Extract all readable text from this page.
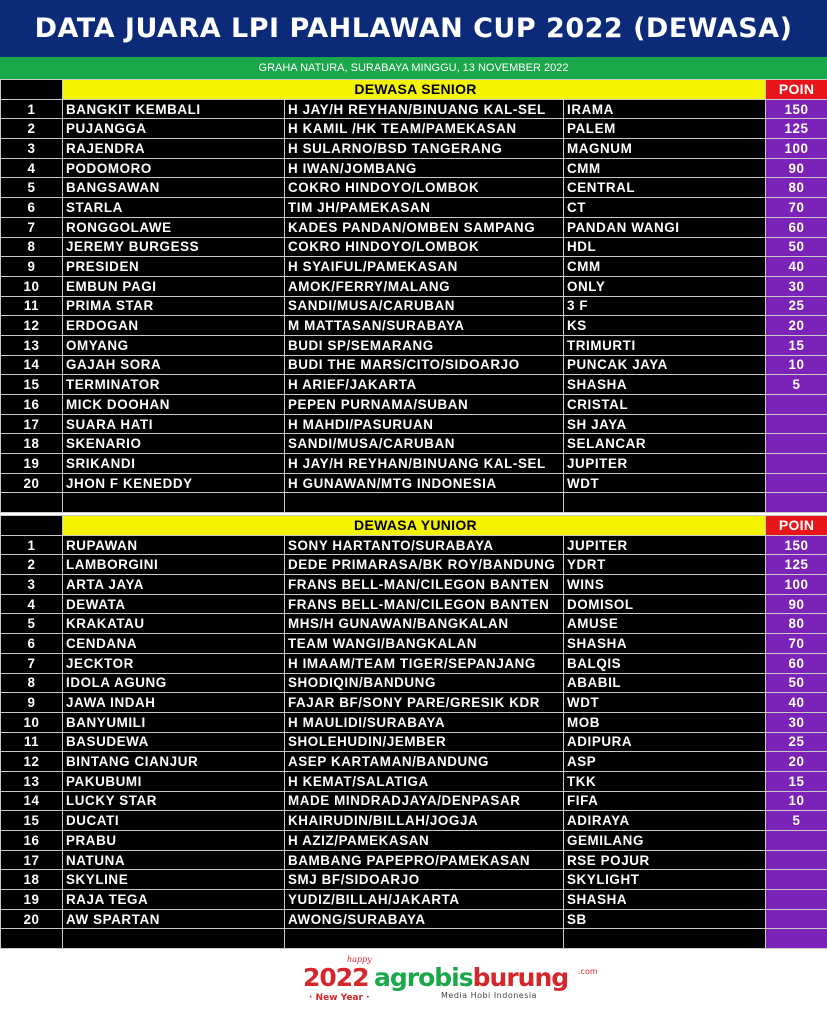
DATA JUARA LPI PAHLAWAN CUP 2022 (DEWASA)
GRAHA NATURA, SURABAYA MINGGU, 13 NOVEMBER 2022
	DEWASA SENIOR			POIN
1	BANGKIT KEMBALI	H JAY/H REYHAN/BINUANG KAL-SEL	IRAMA	150
2	PUJANGGA	H KAMIL /HK TEAM/PAMEKASAN	PALEM	125
3	RAJENDRA	H SULARNO/BSD TANGERANG	MAGNUM	100
4	PODOMORO	H IWAN/JOMBANG	CMM	90
5	BANGSAWAN	COKRO HINDOYO/LOMBOK	CENTRAL	80
6	STARLA	TIM JH/PAMEKASAN	CT	70
7	RONGGOLAWE	KADES PANDAN/OMBEN SAMPANG	PANDAN WANGI	60
8	JEREMY BURGESS	COKRO HINDOYO/LOMBOK	HDL	50
9	PRESIDEN	H SYAIFUL/PAMEKASAN	CMM	40
10	EMBUN PAGI	AMOK/FERRY/MALANG	ONLY	30
11	PRIMA STAR	SANDI/MUSA/CARUBAN	3 F	25
12	ERDOGAN	M MATTASAN/SURABAYA	KS	20
13	OMYANG	BUDI SP/SEMARANG	TRIMURTI	15
14	GAJAH SORA	BUDI THE MARS/CITO/SIDOARJO	PUNCAK JAYA	10
15	TERMINATOR	H ARIEF/JAKARTA	SHASHA	5
16	MICK DOOHAN	PEPEN PURNAMA/SUBAN	CRISTAL	
17	SUARA HATI	H MAHDI/PASURUAN	SH JAYA	
18	SKENARIO	SANDI/MUSA/CARUBAN	SELANCAR	
19	SRIKANDI	H JAY/H REYHAN/BINUANG KAL-SEL	JUPITER	
20	JHON F KENEDDY	H GUNAWAN/MTG INDONESIA	WDT	

	DEWASA YUNIOR			POIN
1	RUPAWAN	SONY HARTANTO/SURABAYA	JUPITER	150
2	LAMBORGINI	DEDE PRIMARASA/BK ROY/BANDUNG	YDRT	125
3	ARTA JAYA	FRANS BELL-MAN/CILEGON BANTEN	WINS	100
4	DEWATA	FRANS BELL-MAN/CILEGON BANTEN	DOMISOL	90
5	KRAKATAU	MHS/H GUNAWAN/BANGKALAN	AMUSE	80
6	CENDANA	TEAM WANGI/BANGKALAN	SHASHA	70
7	JECKTOR	H IMAAM/TEAM TIGER/SEPANJANG	BALQIS	60
8	IDOLA AGUNG	SHODIQIN/BANDUNG	ABABIL	50
9	JAWA INDAH	FAJAR BF/SONY PARE/GRESIK KDR	WDT	40
10	BANYUMILI	H MAULIDI/SURABAYA	MOB	30
11	BASUDEWA	SHOLEHUDIN/JEMBER	ADIPURA	25
12	BINTANG CIANJUR	ASEP KARTAMAN/BANDUNG	ASP	20
13	PAKUBUMI	H KEMAT/SALATIGA	TKK	15
14	LUCKY STAR	MADE MINDRADJAYA/DENPASAR	FIFA	10
15	DUCATI	KHAIRUDIN/BILLAH/JOGJA	ADIRAYA	5
16	PRABU	H AZIZ/PAMEKASAN	GEMILANG	
17	NATUNA	BAMBANG PAPEPRO/PAMEKASAN	RSE POJUR	
18	SKYLINE	SMJ BF/SIDOARJO	SKYLIGHT	
19	RAJA TEGA	YUDIZ/BILLAH/JAKARTA	SHASHA	
20	AW SPARTAN	AWONG/SURABAYA	SB	

happy
2022
· New Year ·
agrobisburung .com
Media Hobi Indonesia
